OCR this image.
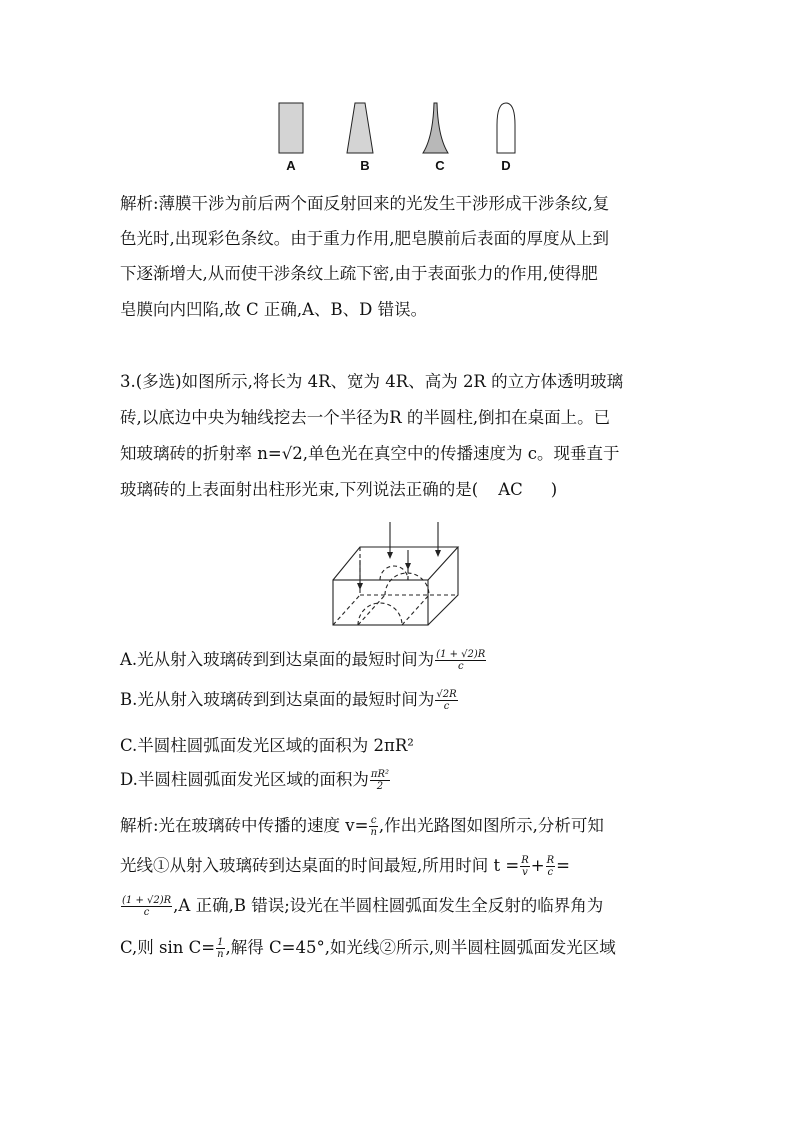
A	B	C	D
解析:薄膜干涉为前后两个面反射回来的光发生干涉形成干涉条纹,复
色光时,出现彩色条纹。由于重力作用,肥皂膜前后表面的厚度从上到
下逐渐增大,从而使干涉条纹上疏下密,由于表面张力的作用,使得肥
皂膜向内凹陷,故 C 正确,A、B、D 错误。
3.(多选)如图所示,将长为 4R、宽为 4R、高为 2R 的立方体透明玻璃
砖,以底边中央为轴线挖去一个半径为R 的半圆柱,倒扣在桌面上。已
知玻璃砖的折射率 n=√2,单色光在真空中的传播速度为 c。现垂直于
玻璃砖的上表面射出柱形光束,下列说法正确的是( AC )
A.光从射入玻璃砖到到达桌面的最短时间为 $\frac{(1 + √2)R}{c}$
B.光从射入玻璃砖到到达桌面的最短时间为 $\frac{√2R}{c}$
C.半圆柱圆弧面发光区域的面积为 2πR²
D.半圆柱圆弧面发光区域的面积为 $\frac{\text{πR²}}{2}$
解析:光在玻璃砖中传播的速度 $v= \frac{c}{n}$ ,作出光路图如图所示,分析可知
光线①从射入玻璃砖到达桌面的时间最短,所用时间 $t = \frac{R}{v} + \frac{R}{c}$ =
$\frac{(1 + √2)R}{c} ,A$ 正确,B 错误;设光在半圆柱圆弧面发生全反射的临界角为
C,则 $\sin C= \frac{1}{n}$ ,解得 C=45°,如光线②所示,则半圆柱圆弧面发光区域
